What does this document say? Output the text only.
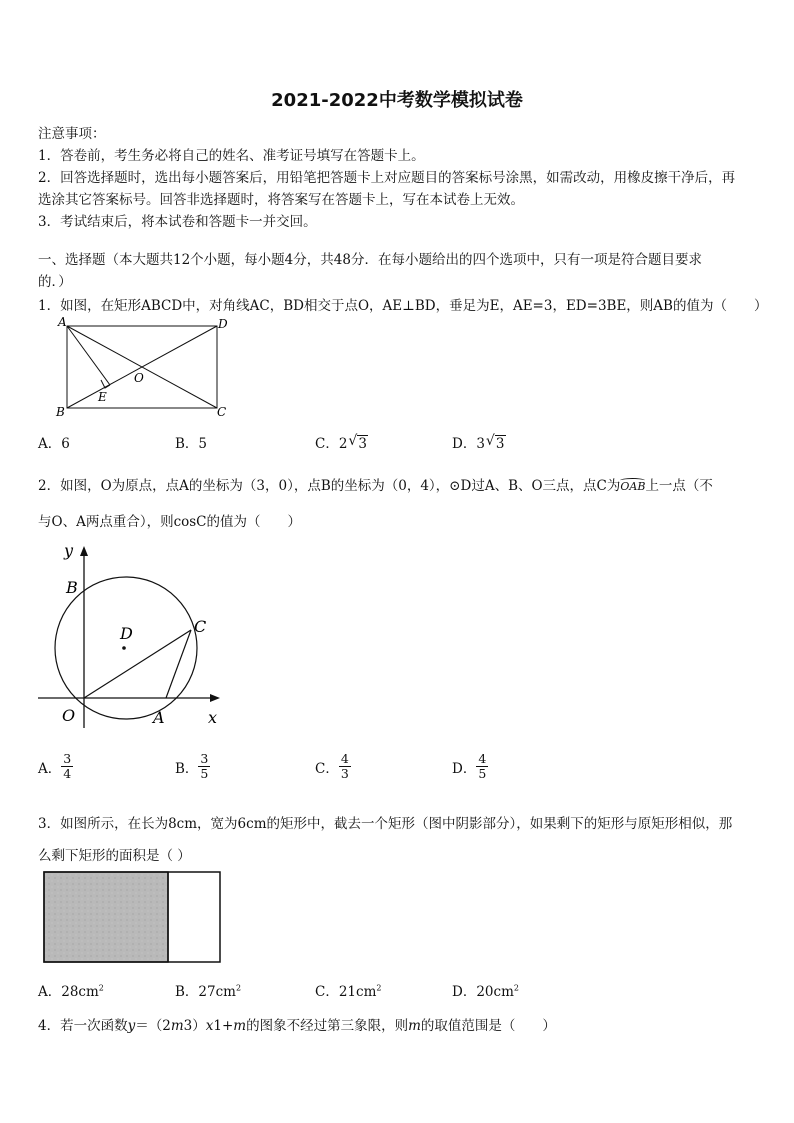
2021-2022中考数学模拟试卷
注意事项：
1．答卷前，考生务必将自己的姓名、准考证号填写在答题卡上。
2．回答选择题时，选出每小题答案后，用铅笔把答题卡上对应题目的答案标号涂黑，如需改动，用橡皮擦干净后，再
选涂其它答案标号。回答非选择题时，将答案写在答题卡上，写在本试卷上无效。
3．考试结束后，将本试卷和答题卡一并交回。
一、选择题（本大题共12个小题，每小题4分，共48分．在每小题给出的四个选项中，只有一项是符合题目要求
的．）
1．如图，在矩形ABCD中，对角线AC，BD相交于点O，AE⊥BD，垂足为E，AE=3，ED=3BE，则AB的值为（　　）
A	D
B	C
O
E
A．6	B．5	C．2 √ 3	D．3 √ 3
2．如图，O为原点，点A的坐标为（3，0），点B的坐标为（0，4），⊙D过A、B、O三点，点C为
OAB上一点（不
与O、A两点重合），则cosC的值为（　　）
y
x
B
D	C
O	A
A． $\frac{3}{4}$	B． $\frac{3}{5}$	C． $\frac{4}{3}$	D． $\frac{4}{5}$
3．如图所示，在长为8cm，宽为6cm的矩形中，截去一个矩形（图中阴影部分），如果剩下的矩形与原矩形相似，那
么剩下矩形的面积是（ ）
A．$28cm^2$	B．$27cm^2$	C．$21cm^2$	D．$20cm^2$
4．若一次函数y＝（2m3）x1+m的图象不经过第三象限，则m的取值范围是（　　）
